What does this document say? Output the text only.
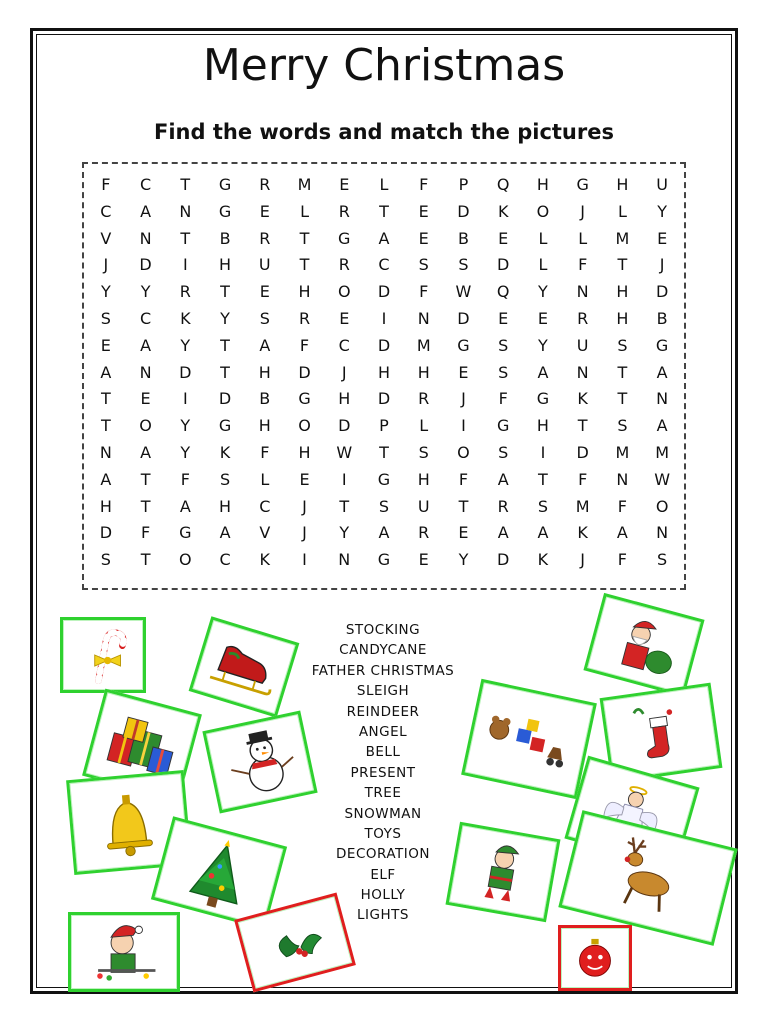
Merry Christmas
Find the words and match the pictures
F	C	T	G	R	M	E	L	F	P	Q	H	G	H	U
C	A	N	G	E	L	R	T	E	D	K	O	J	L	Y
V	N	T	B	R	T	G	A	E	B	E	L	L	M	E
J	D	I	H	U	T	R	C	S	S	D	L	F	T	J
Y	Y	R	T	E	H	O	D	F	W	Q	Y	N	H	D
S	C	K	Y	S	R	E	I	N	D	E	E	R	H	B
E	A	Y	T	A	F	C	D	M	G	S	Y	U	S	G
A	N	D	T	H	D	J	H	H	E	S	A	N	T	A
T	E	I	D	B	G	H	D	R	J	F	G	K	T	N
T	O	Y	G	H	O	D	P	L	I	G	H	T	S	A
N	A	Y	K	F	H	W	T	S	O	S	I	D	M	M
A	T	F	S	L	E	I	G	H	F	A	T	F	N	W
H	T	A	H	C	J	T	S	U	T	R	S	M	F	O
D	F	G	A	V	J	Y	A	R	E	A	A	K	A	N
S	T	O	C	K	I	N	G	E	Y	D	K	J	F	S
STOCKING
CANDYCANE
FATHER CHRISTMAS
SLEIGH
REINDEER
ANGEL
BELL
PRESENT
TREE
SNOWMAN
TOYS
DECORATION
ELF
HOLLY
LIGHTS
